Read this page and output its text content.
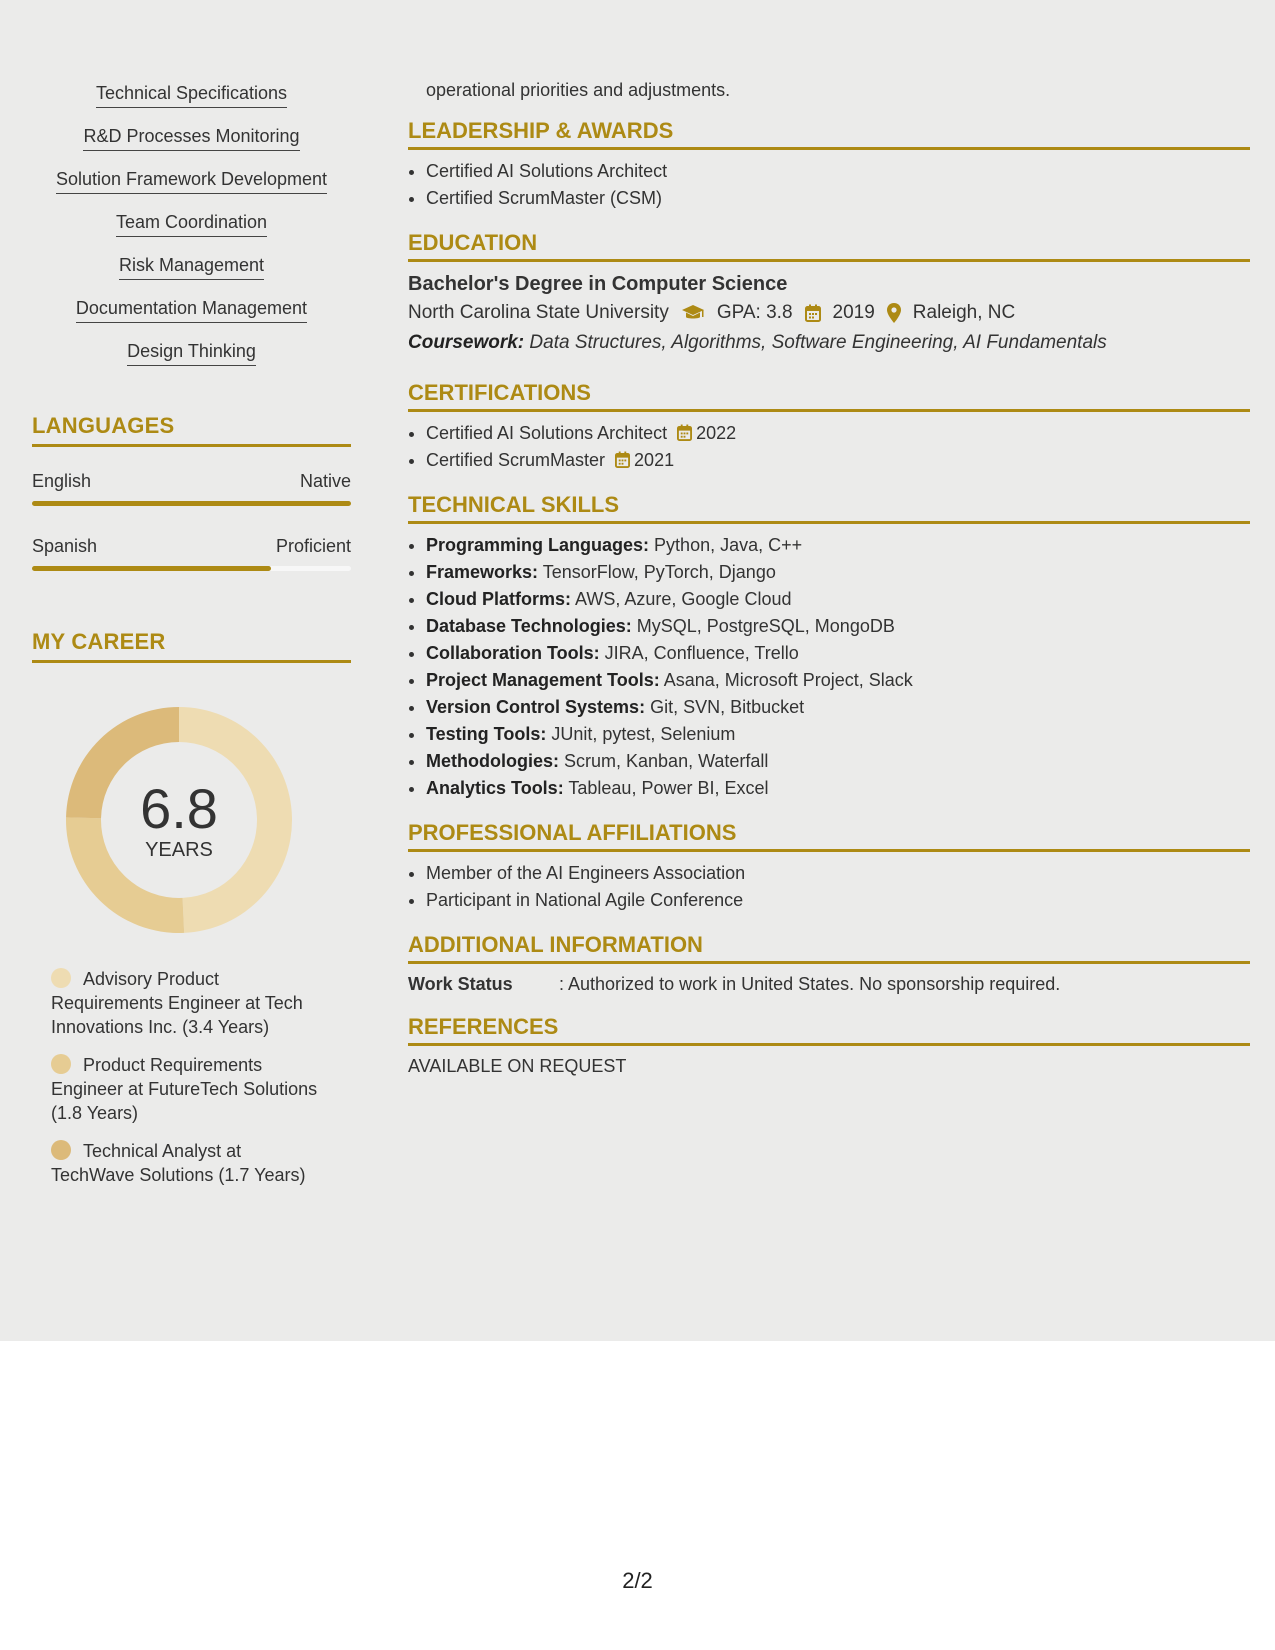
Technical Specifications
R&D Processes Monitoring
Solution Framework Development
Team Coordination
Risk Management
Documentation Management
Design Thinking
LANGUAGES
English	Native
Spanish	Proficient
MY CAREER
6.8
YEARS
Advisory Product Requirements Engineer at Tech Innovations Inc. (3.4 Years)
Product Requirements Engineer at FutureTech Solutions (1.8 Years)
Technical Analyst at TechWave Solutions (1.7 Years)

operational priorities and adjustments.

LEADERSHIP & AWARDS
• Certified AI Solutions Architect
• Certified ScrumMaster (CSM)
EDUCATION
Bachelor's Degree in Computer Science
North Carolina State University	GPA: 3.8 2019 Raleigh, NC
Coursework: Data Structures, Algorithms, Software Engineering, AI Fundamentals
CERTIFICATIONS
• Certified AI Solutions Architect 2022
• Certified ScrumMaster 2021
TECHNICAL SKILLS
• Programming Languages: Python, Java, C++
• Frameworks: TensorFlow, PyTorch, Django
• Cloud Platforms: AWS, Azure, Google Cloud
• Database Technologies: MySQL, PostgreSQL, MongoDB
• Collaboration Tools: JIRA, Confluence, Trello
• Project Management Tools: Asana, Microsoft Project, Slack
• Version Control Systems: Git, SVN, Bitbucket
• Testing Tools: JUnit, pytest, Selenium
• Methodologies: Scrum, Kanban, Waterfall
• Analytics Tools: Tableau, Power BI, Excel
PROFESSIONAL AFFILIATIONS
• Member of the AI Engineers Association
• Participant in National Agile Conference
ADDITIONAL INFORMATION
Work Status	: Authorized to work in United States. No sponsorship required.
REFERENCES
AVAILABLE ON REQUEST
2/2
